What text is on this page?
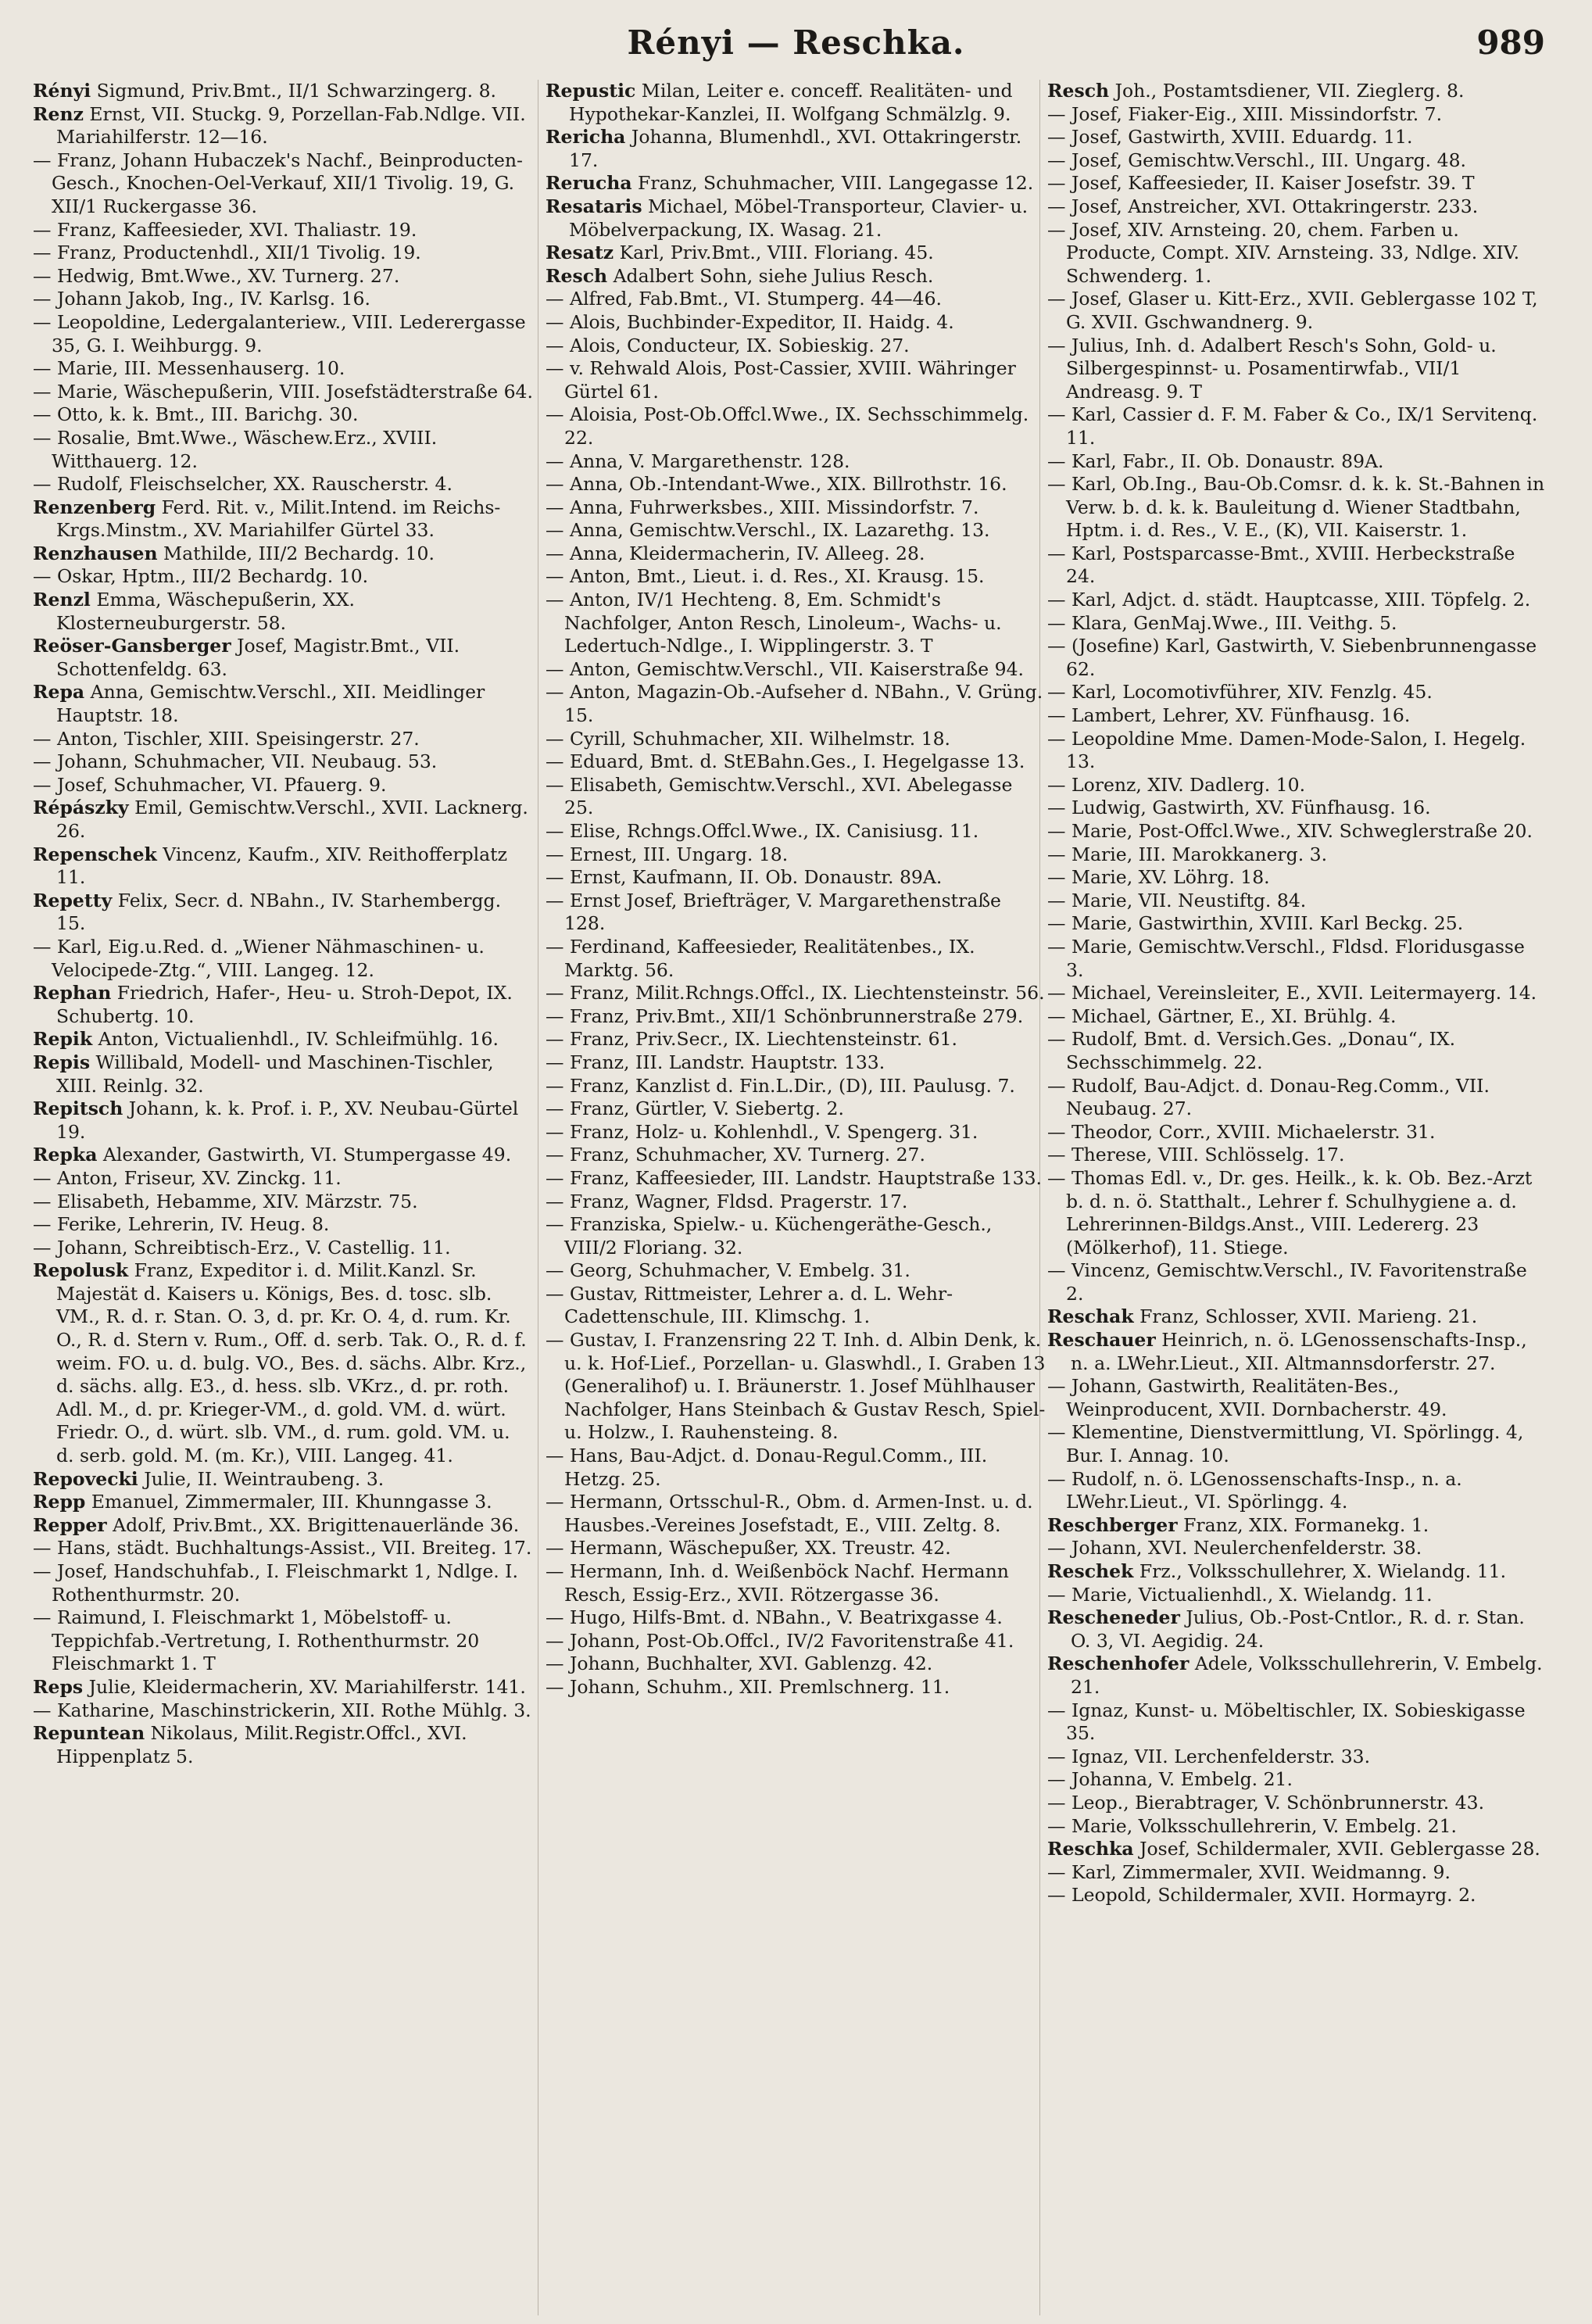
Rényi — Reschka.	989

Rényi Sigmund, Priv.Bmt., II/1 Schwarzingerg. 8.

Renz Ernst, VII. Stuckg. 9, Porzellan-Fab.Ndlge. VII. Mariahilferstr. 12—16.

— Franz, Johann Hubaczek's Nachf., Beinproducten-Gesch., Knochen-Oel-Verkauf, XII/1 Tivolig. 19, G. XII/1 Ruckergasse 36.

— Franz, Kaffeesieder, XVI. Thaliastr. 19.

— Franz, Productenhdl., XII/1 Tivolig. 19.

— Hedwig, Bmt.Wwe., XV. Turnerg. 27.

— Johann Jakob, Ing., IV. Karlsg. 16.

— Leopoldine, Ledergalanteriew., VIII. Lederergasse 35, G. I. Weihburgg. 9.

— Marie, III. Messenhauserg. 10.

— Marie, Wäschepußerin, VIII. Josefstädterstraße 64.

— Otto, k. k. Bmt., III. Barichg. 30.

— Rosalie, Bmt.Wwe., Wäschew.Erz., XVIII. Witthauerg. 12.

— Rudolf, Fleischselcher, XX. Rauscherstr. 4.

Renzenberg Ferd. Rit. v., Milit.Intend. im Reichs-Krgs.Minstm., XV. Mariahilfer Gürtel 33.

Renzhausen Mathilde, III/2 Bechardg. 10.

— Oskar, Hptm., III/2 Bechardg. 10.

Renzl Emma, Wäschepußerin, XX. Klosterneuburgerstr. 58.

Reöser-Gansberger Josef, Magistr.Bmt., VII. Schottenfeldg. 63.

Repa Anna, Gemischtw.Verschl., XII. Meidlinger Hauptstr. 18.

— Anton, Tischler, XIII. Speisingerstr. 27.

— Johann, Schuhmacher, VII. Neubaug. 53.

— Josef, Schuhmacher, VI. Pfauerg. 9.

Répászky Emil, Gemischtw.Verschl., XVII. Lacknerg. 26.

Repenschek Vincenz, Kaufm., XIV. Reithofferplatz 11.

Repetty Felix, Secr. d. NBahn., IV. Starhembergg. 15.

— Karl, Eig.u.Red. d. „Wiener Nähmaschinen- u. Velocipede-Ztg.“, VIII. Langeg. 12.

Rephan Friedrich, Hafer-, Heu- u. Stroh-Depot, IX. Schubertg. 10.

Repik Anton, Victualienhdl., IV. Schleifmühlg. 16.

Repis Willibald, Modell- und Maschinen-Tischler, XIII. Reinlg. 32.

Repitsch Johann, k. k. Prof. i. P., XV. Neubau-Gürtel 19.

Repka Alexander, Gastwirth, VI. Stumpergasse 49.

— Anton, Friseur, XV. Zinckg. 11.

— Elisabeth, Hebamme, XIV. Märzstr. 75.

— Ferike, Lehrerin, IV. Heug. 8.

— Johann, Schreibtisch-Erz., V. Castellig. 11.

Repolusk Franz, Expeditor i. d. Milit.Kanzl. Sr. Majestät d. Kaisers u. Königs, Bes. d. tosc. slb. VM., R. d. r. Stan. O. 3, d. pr. Kr. O. 4, d. rum. Kr. O., R. d. Stern v. Rum., Off. d. serb. Tak. O., R. d. f. weim. FO. u. d. bulg. VO., Bes. d. sächs. Albr. Krz., d. sächs. allg. E3., d. hess. slb. VKrz., d. pr. roth. Adl. M., d. pr. Krieger-VM., d. gold. VM. d. würt. Friedr. O., d. würt. slb. VM., d. rum. gold. VM. u. d. serb. gold. M. (m. Kr.), VIII. Langeg. 41.

Repovecki Julie, II. Weintraubeng. 3.

Repp Emanuel, Zimmermaler, III. Khunngasse 3.

Repper Adolf, Priv.Bmt., XX. Brigittenauerlände 36.

— Hans, städt. Buchhaltungs-Assist., VII. Breiteg. 17.

— Josef, Handschuhfab., I. Fleischmarkt 1, Ndlge. I. Rothenthurmstr. 20.

— Raimund, I. Fleischmarkt 1, Möbelstoff- u. Teppichfab.-Vertretung, I. Rothenthurmstr. 20 Fleischmarkt 1. T

Reps Julie, Kleidermacherin, XV. Mariahilferstr. 141.

— Katharine, Maschinstrickerin, XII. Rothe Mühlg. 3.

Repuntean Nikolaus, Milit.Registr.Offcl., XVI. Hippenplatz 5.

Repustic Milan, Leiter e. conceff. Realitäten- und Hypothekar-Kanzlei, II. Wolfgang Schmälzlg. 9.

Rericha Johanna, Blumenhdl., XVI. Ottakringerstr. 17.

Rerucha Franz, Schuhmacher, VIII. Langegasse 12.

Resataris Michael, Möbel-Transporteur, Clavier- u. Möbelverpackung, IX. Wasag. 21.

Resatz Karl, Priv.Bmt., VIII. Floriang. 45.

Resch Adalbert Sohn, siehe Julius Resch.

— Alfred, Fab.Bmt., VI. Stumperg. 44—46.

— Alois, Buchbinder-Expeditor, II. Haidg. 4.

— Alois, Conducteur, IX. Sobieskig. 27.

— v. Rehwald Alois, Post-Cassier, XVIII. Währinger Gürtel 61.

— Aloisia, Post-Ob.Offcl.Wwe., IX. Sechsschimmelg. 22.

— Anna, V. Margarethenstr. 128.

— Anna, Ob.-Intendant-Wwe., XIX. Billrothstr. 16.

— Anna, Fuhrwerksbes., XIII. Missindorfstr. 7.

— Anna, Gemischtw.Verschl., IX. Lazarethg. 13.

— Anna, Kleidermacherin, IV. Alleeg. 28.

— Anton, Bmt., Lieut. i. d. Res., XI. Krausg. 15.

— Anton, IV/1 Hechteng. 8, Em. Schmidt's Nachfolger, Anton Resch, Linoleum-, Wachs- u. Ledertuch-Ndlge., I. Wipplingerstr. 3. T

— Anton, Gemischtw.Verschl., VII. Kaiserstraße 94.

— Anton, Magazin-Ob.-Aufseher d. NBahn., V. Grüng. 15.

— Cyrill, Schuhmacher, XII. Wilhelmstr. 18.

— Eduard, Bmt. d. StEBahn.Ges., I. Hegelgasse 13.

— Elisabeth, Gemischtw.Verschl., XVI. Abelegasse 25.

— Elise, Rchngs.Offcl.Wwe., IX. Canisiusg. 11.

— Ernest, III. Ungarg. 18.

— Ernst, Kaufmann, II. Ob. Donaustr. 89A.

— Ernst Josef, Briefträger, V. Margarethenstraße 128.

— Ferdinand, Kaffeesieder, Realitätenbes., IX. Marktg. 56.

— Franz, Milit.Rchngs.Offcl., IX. Liechtensteinstr. 56.

— Franz, Priv.Bmt., XII/1 Schönbrunnerstraße 279.

— Franz, Priv.Secr., IX. Liechtensteinstr. 61.

— Franz, III. Landstr. Hauptstr. 133.

— Franz, Kanzlist d. Fin.L.Dir., (D), III. Paulusg. 7.

— Franz, Gürtler, V. Siebertg. 2.

— Franz, Holz- u. Kohlenhdl., V. Spengerg. 31.

— Franz, Schuhmacher, XV. Turnerg. 27.

— Franz, Kaffeesieder, III. Landstr. Hauptstraße 133.

— Franz, Wagner, Fldsd. Pragerstr. 17.

— Franziska, Spielw.- u. Küchengeräthe-Gesch., VIII/2 Floriang. 32.

— Georg, Schuhmacher, V. Embelg. 31.

— Gustav, Rittmeister, Lehrer a. d. L. Wehr-Cadettenschule, III. Klimschg. 1.

— Gustav, I. Franzensring 22 T. Inh. d. Albin Denk, k. u. k. Hof-Lief., Porzellan- u. Glaswhdl., I. Graben 13 (Generalihof) u. I. Bräunerstr. 1. Josef Mühlhauser Nachfolger, Hans Steinbach & Gustav Resch, Spiel- u. Holzw., I. Rauhensteing. 8.

— Hans, Bau-Adjct. d. Donau-Regul.Comm., III. Hetzg. 25.

— Hermann, Ortsschul-R., Obm. d. Armen-Inst. u. d. Hausbes.-Vereines Josefstadt, E., VIII. Zeltg. 8.

— Hermann, Wäschepußer, XX. Treustr. 42.

— Hermann, Inh. d. Weißenböck Nachf. Hermann Resch, Essig-Erz., XVII. Rötzergasse 36.

— Hugo, Hilfs-Bmt. d. NBahn., V. Beatrixgasse 4.

— Johann, Post-Ob.Offcl., IV/2 Favoritenstraße 41.

— Johann, Buchhalter, XVI. Gablenzg. 42.

— Johann, Schuhm., XII. Premlschnerg. 11.

Resch Joh., Postamtsdiener, VII. Zieglerg. 8.

— Josef, Fiaker-Eig., XIII. Missindorfstr. 7.

— Josef, Gastwirth, XVIII. Eduardg. 11.

— Josef, Gemischtw.Verschl., III. Ungarg. 48.

— Josef, Kaffeesieder, II. Kaiser Josefstr. 39. T

— Josef, Anstreicher, XVI. Ottakringerstr. 233.

— Josef, XIV. Arnsteing. 20, chem. Farben u. Producte, Compt. XIV. Arnsteing. 33, Ndlge. XIV. Schwenderg. 1.

— Josef, Glaser u. Kitt-Erz., XVII. Geblergasse 102 T, G. XVII. Gschwandnerg. 9.

— Julius, Inh. d. Adalbert Resch's Sohn, Gold- u. Silbergespinnst- u. Posamentirwfab., VII/1 Andreasg. 9. T

— Karl, Cassier d. F. M. Faber & Co., IX/1 Servitenq. 11.

— Karl, Fabr., II. Ob. Donaustr. 89A.

— Karl, Ob.Ing., Bau-Ob.Comsr. d. k. k. St.-Bahnen in Verw. b. d. k. k. Bauleitung d. Wiener Stadtbahn, Hptm. i. d. Res., V. E., (K), VII. Kaiserstr. 1.

— Karl, Postsparcasse-Bmt., XVIII. Herbeckstraße 24.

— Karl, Adjct. d. städt. Hauptcasse, XIII. Töpfelg. 2.

— Klara, GenMaj.Wwe., III. Veithg. 5.

— (Josefine) Karl, Gastwirth, V. Siebenbrunnengasse 62.

— Karl, Locomotivführer, XIV. Fenzlg. 45.

— Lambert, Lehrer, XV. Fünfhausg. 16.

— Leopoldine Mme. Damen-Mode-Salon, I. Hegelg. 13.

— Lorenz, XIV. Dadlerg. 10.

— Ludwig, Gastwirth, XV. Fünfhausg. 16.

— Marie, Post-Offcl.Wwe., XIV. Schweglerstraße 20.

— Marie, III. Marokkanerg. 3.

— Marie, XV. Löhrg. 18.

— Marie, VII. Neustiftg. 84.

— Marie, Gastwirthin, XVIII. Karl Beckg. 25.

— Marie, Gemischtw.Verschl., Fldsd. Floridusgasse 3.

— Michael, Vereinsleiter, E., XVII. Leitermayerg. 14.

— Michael, Gärtner, E., XI. Brühlg. 4.

— Rudolf, Bmt. d. Versich.Ges. „Donau“, IX. Sechsschimmelg. 22.

— Rudolf, Bau-Adjct. d. Donau-Reg.Comm., VII. Neubaug. 27.

— Theodor, Corr., XVIII. Michaelerstr. 31.

— Therese, VIII. Schlösselg. 17.

— Thomas Edl. v., Dr. ges. Heilk., k. k. Ob. Bez.-Arzt b. d. n. ö. Statthalt., Lehrer f. Schulhygiene a. d. Lehrerinnen-Bildgs.Anst., VIII. Ledererg. 23 (Mölkerhof), 11. Stiege.

— Vincenz, Gemischtw.Verschl., IV. Favoritenstraße 2.

Reschak Franz, Schlosser, XVII. Marieng. 21.

Reschauer Heinrich, n. ö. LGenossenschafts-Insp., n. a. LWehr.Lieut., XII. Altmannsdorferstr. 27.

— Johann, Gastwirth, Realitäten-Bes., Weinproducent, XVII. Dornbacherstr. 49.

— Klementine, Dienstvermittlung, VI. Spörlingg. 4, Bur. I. Annag. 10.

— Rudolf, n. ö. LGenossenschafts-Insp., n. a. LWehr.Lieut., VI. Spörlingg. 4.

Reschberger Franz, XIX. Formanekg. 1.

— Johann, XVI. Neulerchenfelderstr. 38.

Reschek Frz., Volksschullehrer, X. Wielandg. 11.

— Marie, Victualienhdl., X. Wielandg. 11.

Rescheneder Julius, Ob.-Post-Cntlor., R. d. r. Stan. O. 3, VI. Aegidig. 24.

Reschenhofer Adele, Volksschullehrerin, V. Embelg. 21.

— Ignaz, Kunst- u. Möbeltischler, IX. Sobieskigasse 35.

— Ignaz, VII. Lerchenfelderstr. 33.

— Johanna, V. Embelg. 21.

— Leop., Bierabtrager, V. Schönbrunnerstr. 43.

— Marie, Volksschullehrerin, V. Embelg. 21.

Reschka Josef, Schildermaler, XVII. Geblergasse 28.

— Karl, Zimmermaler, XVII. Weidmanng. 9.

— Leopold, Schildermaler, XVII. Hormayrg. 2.
